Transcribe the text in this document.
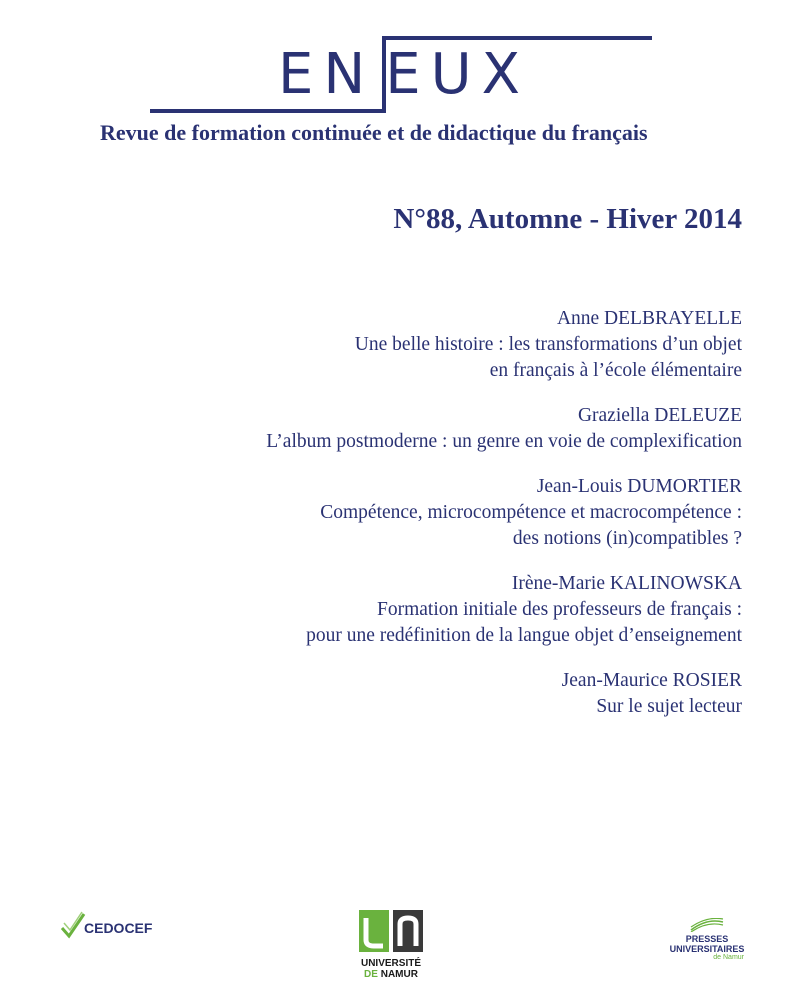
EN EUX
Revue de formation continuée et de didactique du français
N°88, Automne - Hiver 2014
Anne DELBRAYELLE
Une belle histoire : les transformations d’un objet
en français à l’école élémentaire
Graziella DELEUZE
L’album postmoderne : un genre en voie de complexification
Jean-Louis DUMORTIER
Compétence, microcompétence et macrocompétence :
des notions (in)compatibles ?
Irène-Marie KALINOWSKA
Formation initiale des professeurs de français :
pour une redéfinition de la langue objet d’enseignement
Jean-Maurice ROSIER
Sur le sujet lecteur
CEDOCEF
UNIVERSITÉ
DE NAMUR
PRESSES
UNIVERSITAIRES
de Namur
